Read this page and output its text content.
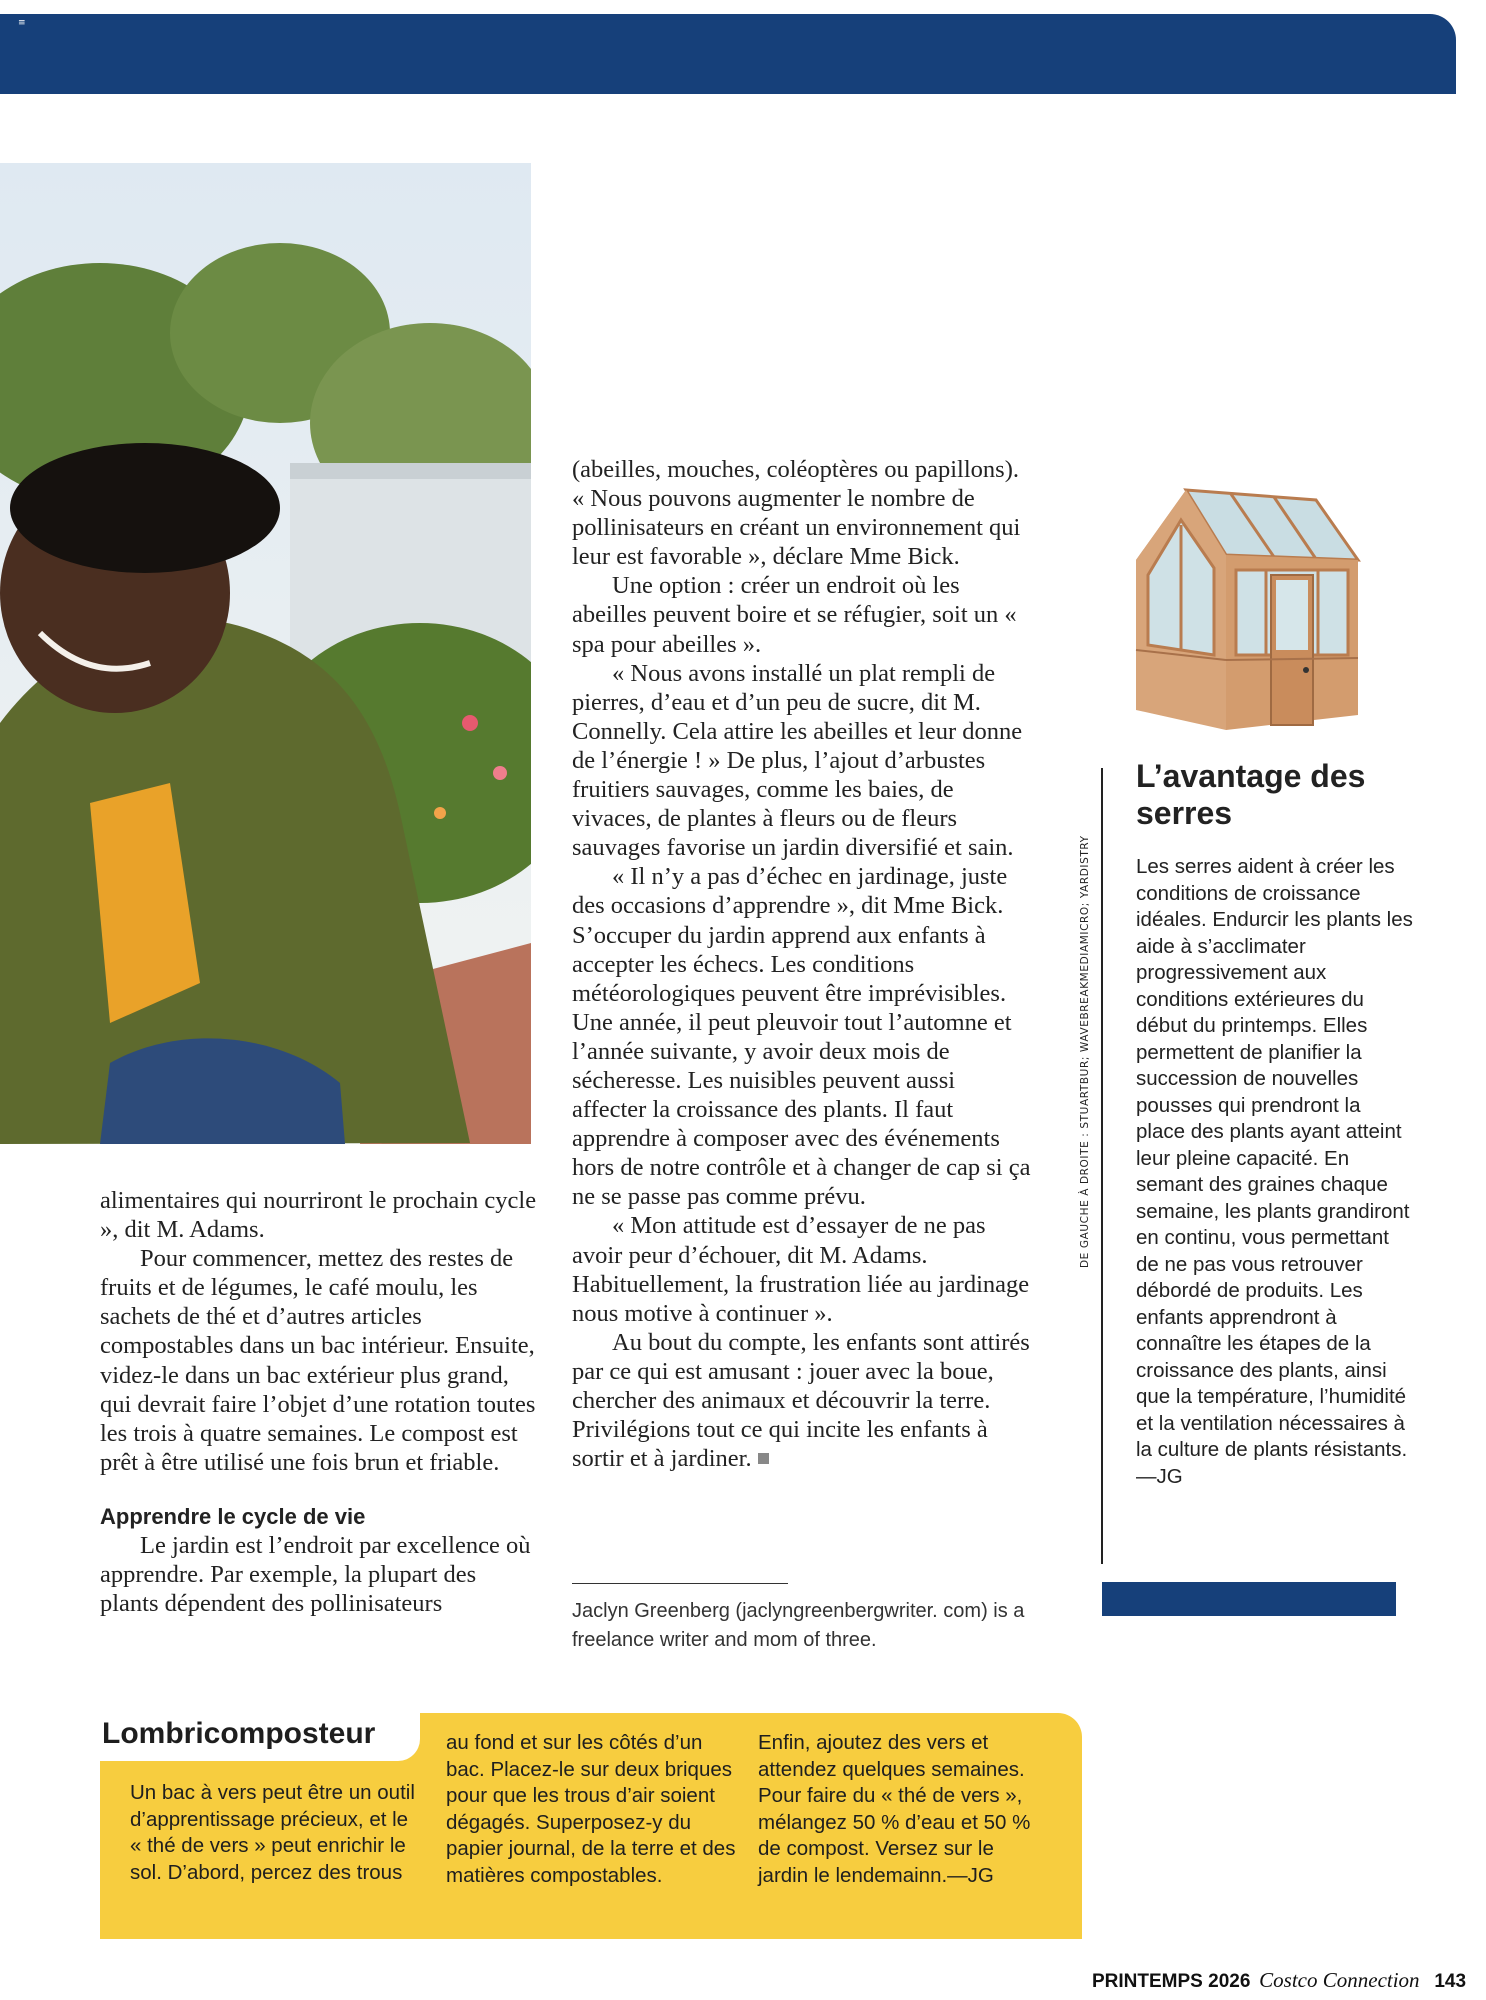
≡

alimentaires qui nourriront le prochain cycle », dit M. Adams.

Pour commencer, mettez des restes de fruits et de légumes, le café moulu, les sachets de thé et d’autres articles compostables dans un bac intérieur. Ensuite, videz-le dans un bac extérieur plus grand, qui devrait faire l’objet d’une rotation toutes les trois à quatre semaines. Le compost est prêt à être utilisé une fois brun et friable.

Apprendre le cycle de vie

Le jardin est l’endroit par excellence où apprendre. Par exemple, la plupart des plants dépendent des pollinisateurs

(abeilles, mouches, coléoptères ou papillons). « Nous pouvons augmenter le nombre de pollinisateurs en créant un environnement qui leur est favorable », déclare Mme Bick.

Une option : créer un endroit où les abeilles peuvent boire et se réfugier, soit un « spa pour abeilles ».

« Nous avons installé un plat rempli de pierres, d’eau et d’un peu de sucre, dit M. Connelly. Cela attire les abeilles et leur donne de l’énergie ! » De plus, l’ajout d’arbustes fruitiers sauvages, comme les baies, de vivaces, de plantes à fleurs ou de fleurs sauvages favorise un jardin diversifié et sain.

« Il n’y a pas d’échec en jardinage, juste des occasions d’apprendre », dit Mme Bick. S’occuper du jardin apprend aux enfants à accepter les échecs. Les conditions météorologiques peuvent être imprévisibles. Une année, il peut pleuvoir tout l’automne et l’année suivante, y avoir deux mois de sécheresse. Les nuisibles peuvent aussi affecter la croissance des plants. Il faut apprendre à composer avec des événements hors de notre contrôle et à changer de cap si ça ne se passe pas comme prévu.

« Mon attitude est d’essayer de ne pas avoir peur d’échouer, dit M. Adams. Habituellement, la frustration liée au jardinage nous motive à continuer ».

Au bout du compte, les enfants sont attirés par ce qui est amusant : jouer avec la boue, chercher des animaux et découvrir la terre. Privilégions tout ce qui incite les enfants à sortir et à jardiner.

Jaclyn Greenberg (jaclyngreenbergwriter. com) is a freelance writer and mom of three.
DE GAUCHE À DROITE : STUARTBUR; WAVEBREAKMEDIAMICRO; YARDISTRY
L’avantage des serres
Les serres aident à créer les conditions de croissance idéales. Endurcir les plants les aide à s’acclimater progressivement aux conditions extérieures du début du printemps. Elles permettent de planifier la succession de nouvelles pousses qui prendront la place des plants ayant atteint leur pleine capacité. En semant des graines chaque semaine, les plants grandiront en continu, vous permettant de ne pas vous retrouver débordé de produits. Les enfants apprendront à connaître les étapes de la croissance des plants, ainsi que la température, l’humidité et la ventilation nécessaires à la culture de plants résistants.—JG
Lombricomposteur
Un bac à vers peut être un outil d’apprentissage précieux, et le « thé de vers » peut enrichir le sol. D’abord, percez des trous
au fond et sur les côtés d’un bac. Placez-le sur deux briques pour que les trous d’air soient dégagés. Superposez-y du papier journal, de la terre et des matières compostables.
Enfin, ajoutez des vers et attendez quelques semaines. Pour faire du « thé de vers », mélangez 50 % d’eau et 50 % de compost. Versez sur le jardin le lendemainn.—JG
PRINTEMPS 2026 Costco Connection 143
